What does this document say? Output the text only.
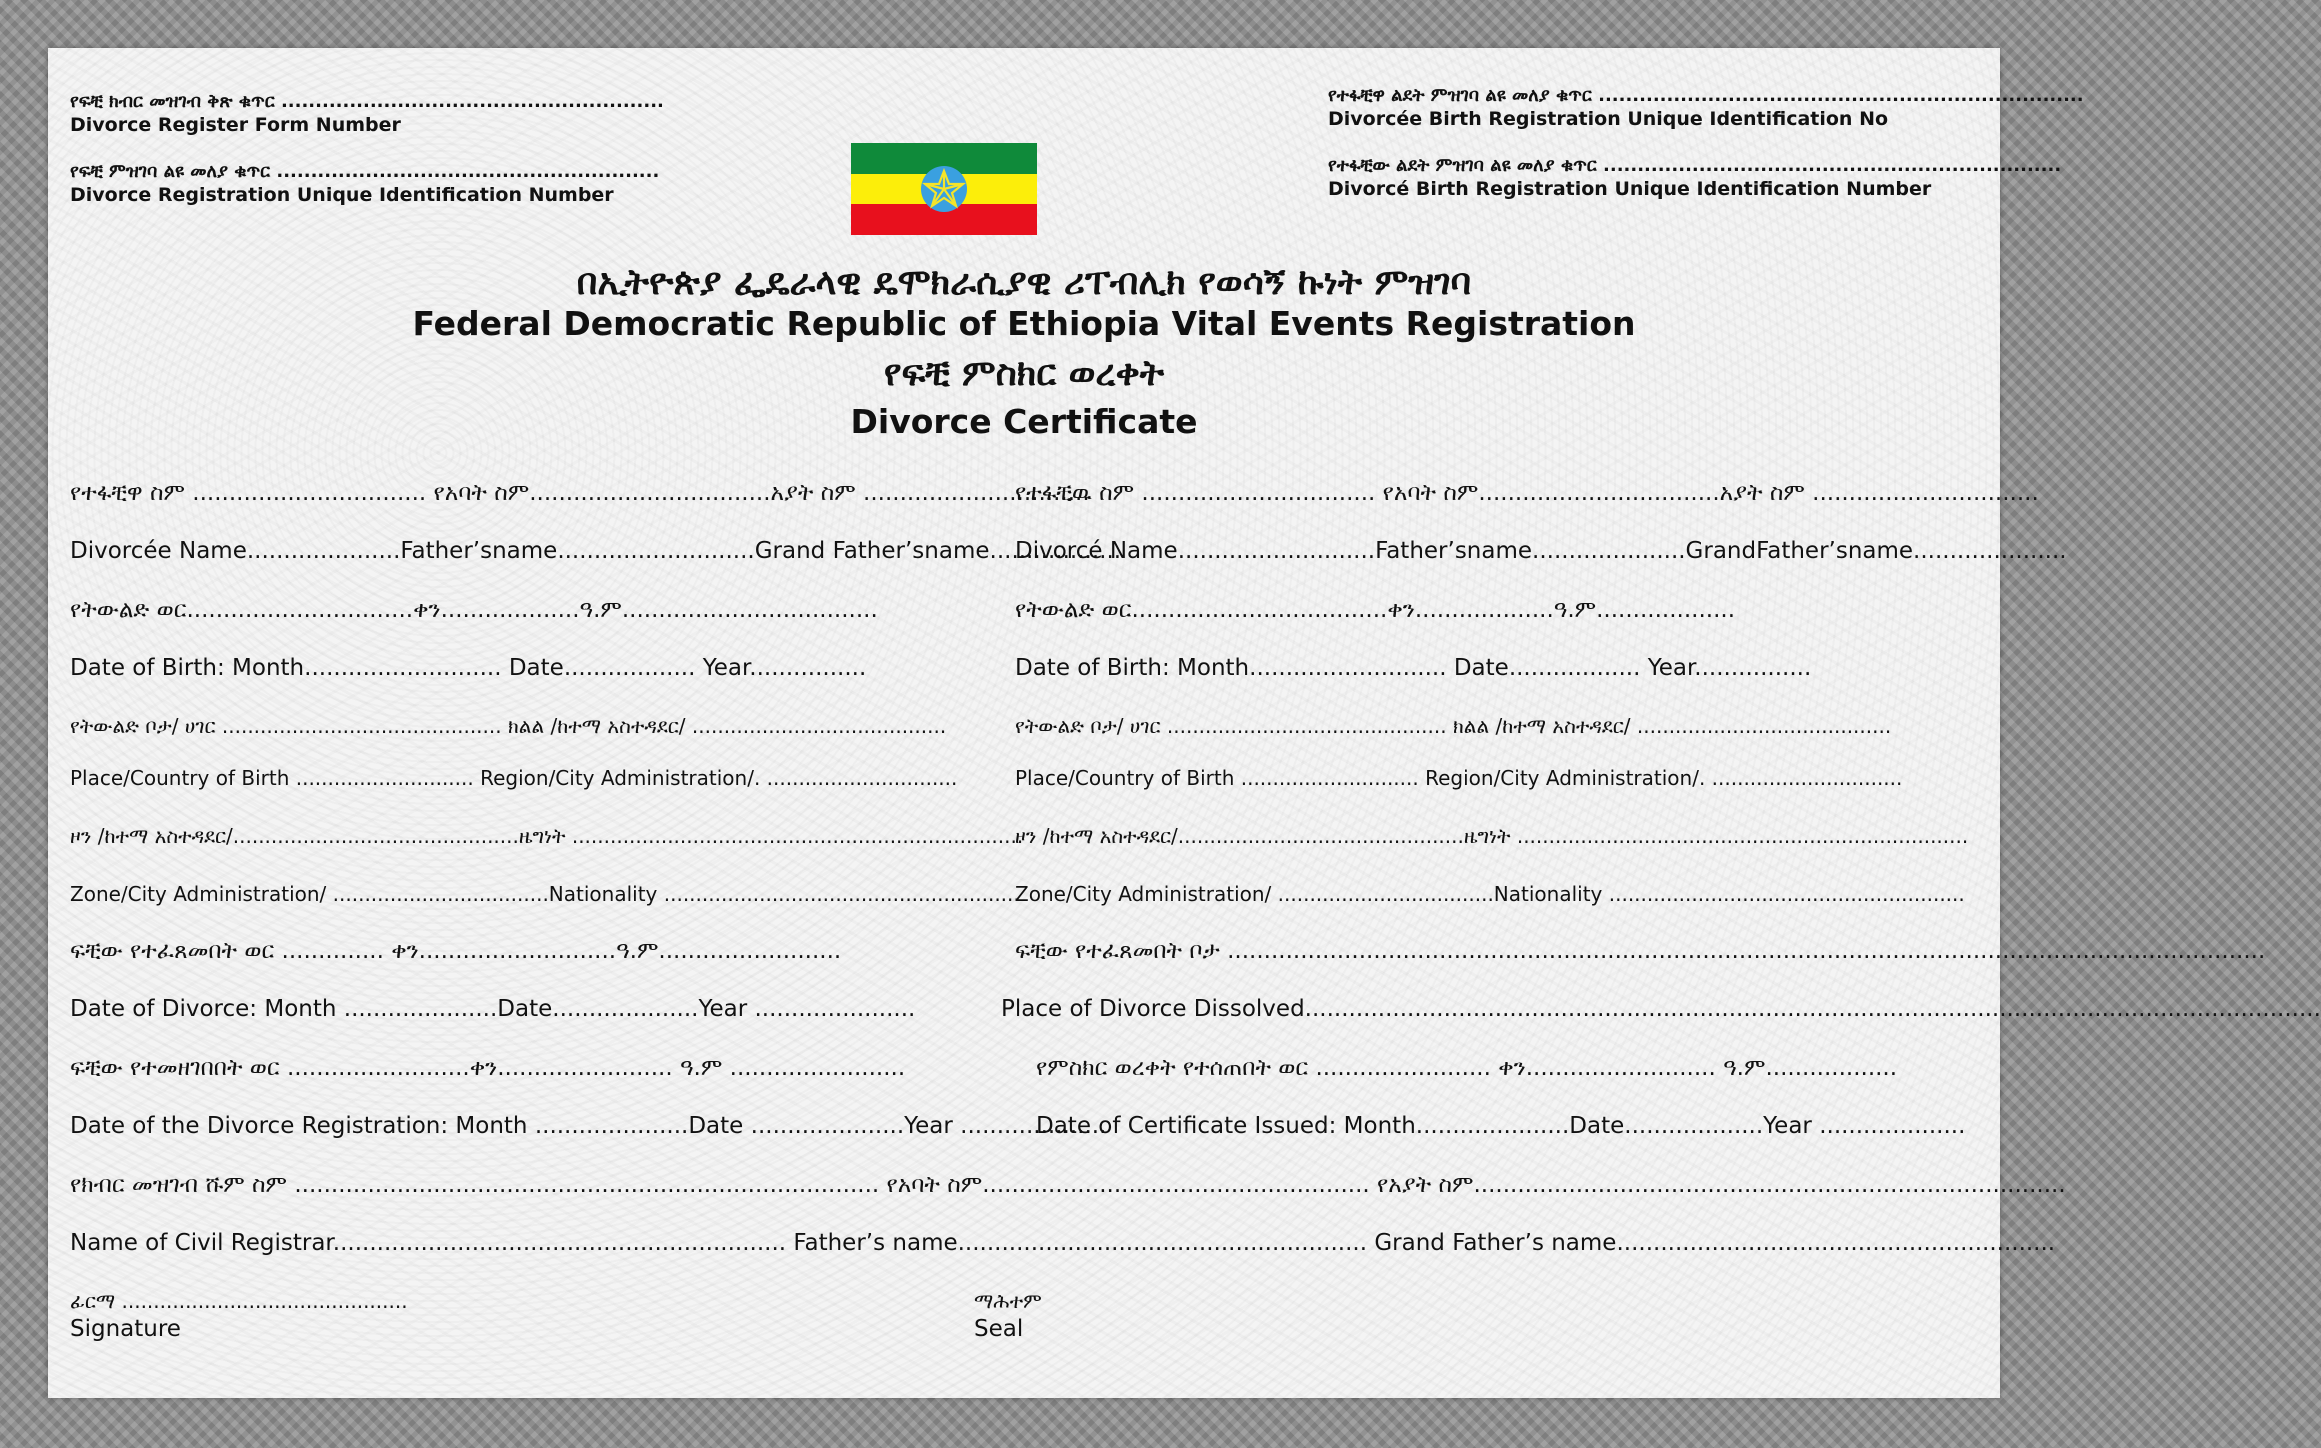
የፍቺ ክብር መዝገብ ቅጽ ቁጥር ........................................................
Divorce Register Form Number
የፍቺ ምዝገባ ልዩ መለያ ቁጥር ........................................................
Divorce Registration Unique Identification Number
የተፋቺዋ ልደት ምዝገባ ልዩ መለያ ቁጥር .......................................................................
Divorcée Birth Registration Unique Identification No
የተፋቺው ልደት ምዝገባ ልዩ መለያ ቁጥር ...................................................................
Divorcé Birth Registration Unique Identification Number
በኢትዮጵያ ፌዴራላዊ ዴሞክራሲያዊ ሪፐብሊክ የወሳኝ ኩነት ምዝገባ
Federal Democratic Republic of Ethiopia Vital Events Registration
የፍቺ ምስክር ወረቀት
Divorce Certificate
የተፋቺዋ ስም ................................ የአባት ስም.................................አያት ስም ...............................
Divorcée Name.....................Father’sname...........................Grand Father’sname..................
የትውልድ ወር...............................ቀን...................ዓ.ም...................................
Date of Birth: Month........................... Date.................. Year................
የትውልድ ቦታ/ ሀገር ............................................ ክልል /ከተማ አስተዳደር/ ........................................
Place/Country of Birth ............................ Region/City Administration/. ..............................
ዞን /ከተማ አስተዳደር/.............................................ዜግነት .......................................................................
Zone/City Administration/ ..................................Nationality ........................................................
ፍቺው የተፈጸመበት ወር .............. ቀን...........................ዓ.ም.........................
Date of Divorce: Month .....................Date....................Year ......................
ፍቺው የተመዘገበበት ወር .........................ቀን........................ ዓ.ም ........................
Date of the Divorce Registration: Month .....................Date .....................Year ....................
የተፋቺዉ ስም ................................ የአባት ስም.................................አያት ስም ...............................
Divorcé Name...........................Father’sname.....................GrandFather’sname.....................
የትውልድ ወር...................................ቀን...................ዓ.ም...................
Date of Birth: Month........................... Date.................. Year................
የትውልድ ቦታ/ ሀገር ............................................ ክልል /ከተማ አስተዳደር/ ........................................
Place/Country of Birth ............................ Region/City Administration/. ..............................
ዞን /ከተማ አስተዳደር/.............................................ዜግነት .......................................................................
Zone/City Administration/ ..................................Nationality ........................................................
ፍቺው የተፈጸመበት ቦታ ..............................................................................................................................................
Place of Divorce Dissolved...........................................................................................................................................
የምስክር ወረቀት የተሰጠበት ወር ........................ ቀን.......................... ዓ.ም..................
Date of Certificate Issued: Month.....................Date...................Year ....................
የክብር መዝገብ ሹም ስም ................................................................................ የአባት ስም..................................................... የአያት ስም.................................................................................
Name of Civil Registrar.............................................................. Father’s name........................................................ Grand Father’s name............................................................
ፊርማ .............................................
Signature
ማሕተም
Seal
